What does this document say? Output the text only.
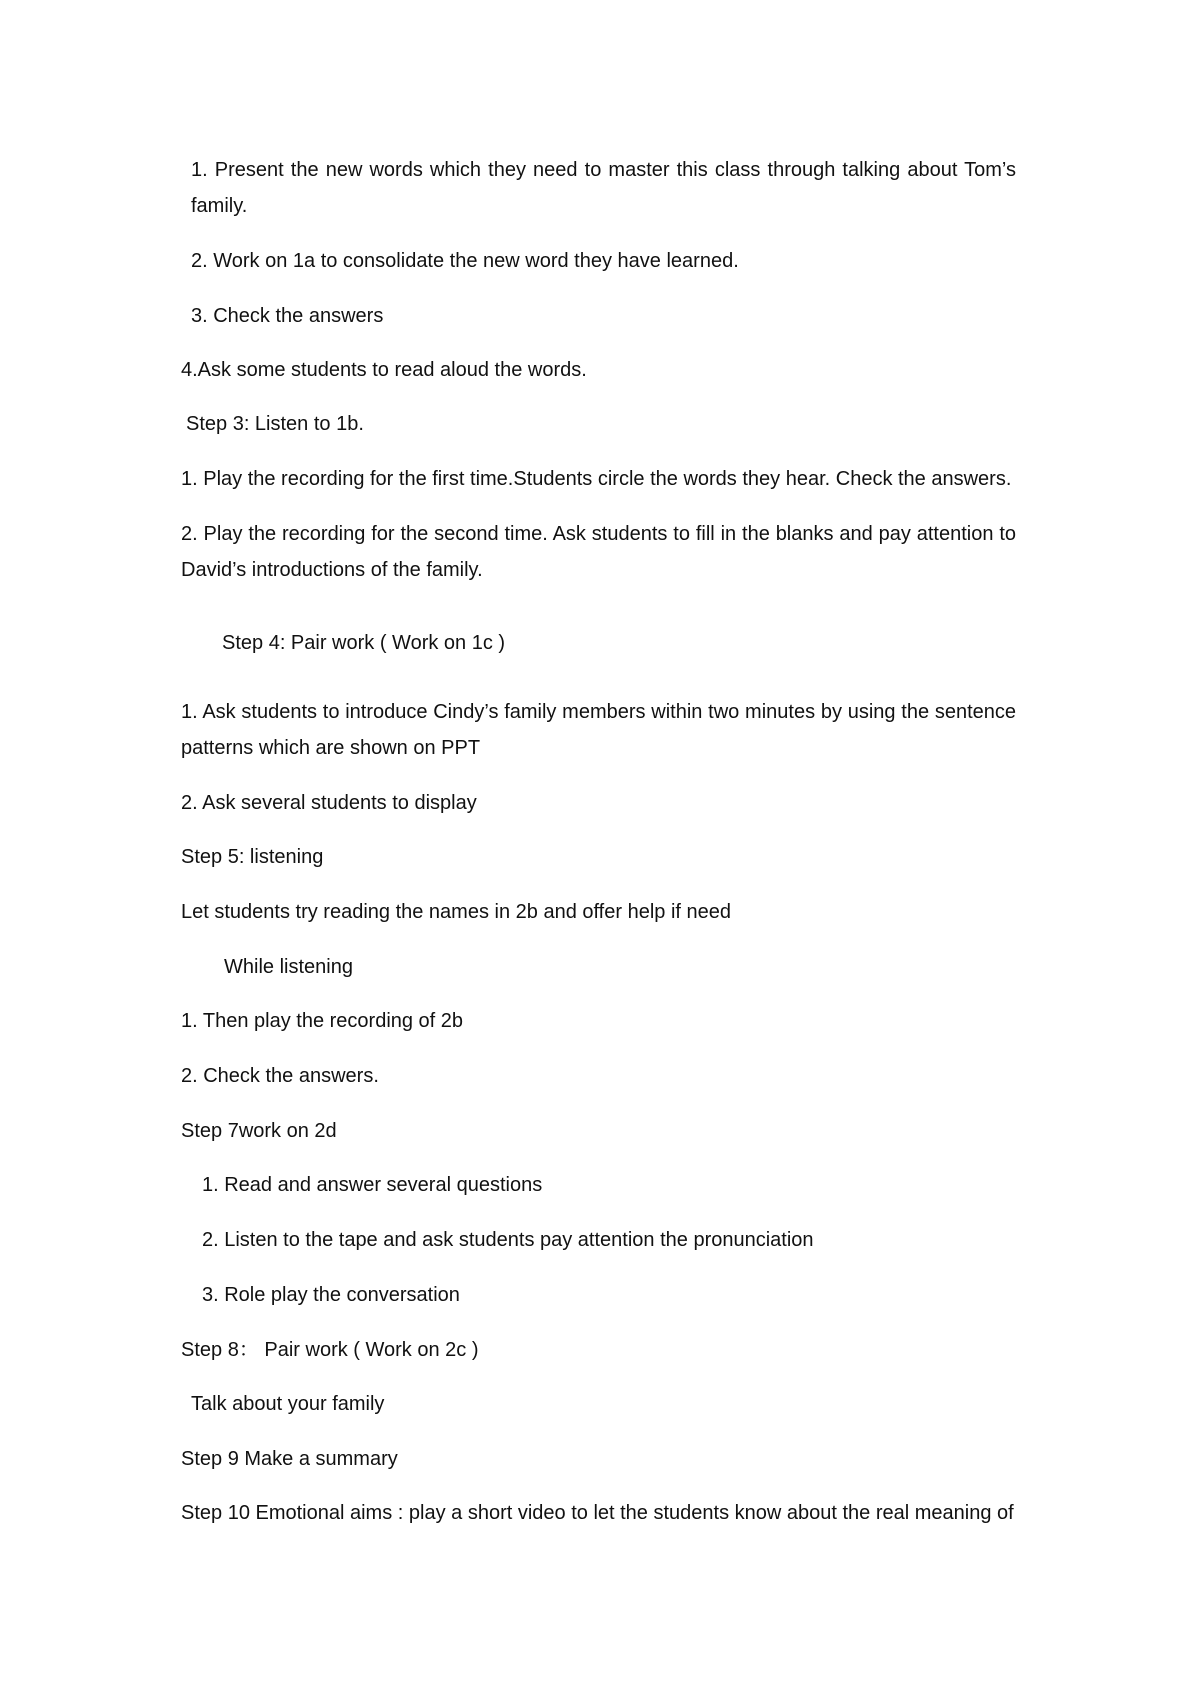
1. Present the new words which they need to master this class through talking about Tom’s family.
2. Work on 1a to consolidate the new word they have learned.
3. Check the answers
4.Ask some students to read aloud the words.
Step 3: Listen to 1b.
1. Play the recording for the first time.Students circle the words they hear. Check the answers.
2. Play the recording for the second time. Ask students to fill in the blanks and pay attention to David’s introductions of the family.
Step 4: Pair work ( Work on 1c )
1. Ask students to introduce Cindy’s family members within two minutes by using the sentence patterns which are shown on PPT
2. Ask several students to display
Step 5: listening
Let students try reading the names in 2b and offer help if need
While listening
1. Then play the recording of 2b
2. Check the answers.
Step 7work on 2d
1. Read and answer several questions
2. Listen to the tape and ask students pay attention the pronunciation
3. Role play the conversation
Step 8： Pair work ( Work on 2c )
Talk about your family
Step 9 Make a summary
Step 10 Emotional aims : play a short video to let the students know about the real meaning of
